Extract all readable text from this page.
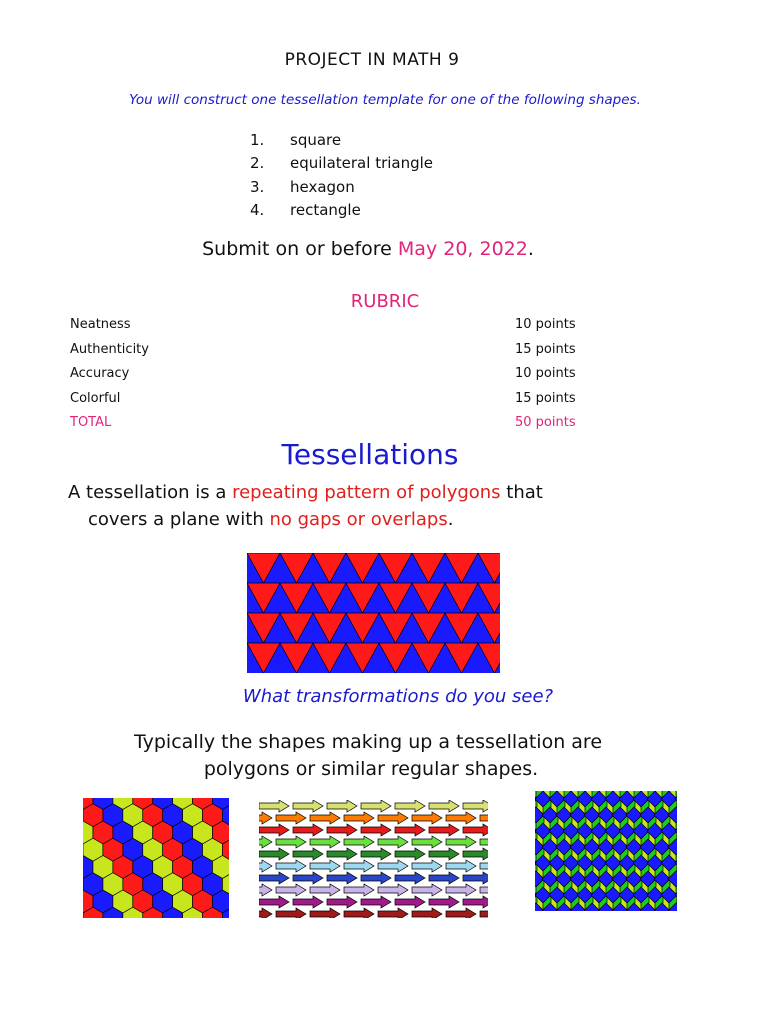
PROJECT IN MATH 9
You will construct one tessellation template for one of the following shapes.
1. square
2. equilateral triangle
3. hexagon
4. rectangle
Submit on or before May 20, 2022.
RUBRIC
Neatness	10 points
Authenticity	15 points
Accuracy	10 points
Colorful	15 points
TOTAL	50 points
Tessellations
A tessellation is a repeating pattern of polygons that
covers a plane with no gaps or overlaps.
What transformations do you see?
Typically the shapes making up a tessellation are
polygons or similar regular shapes.
